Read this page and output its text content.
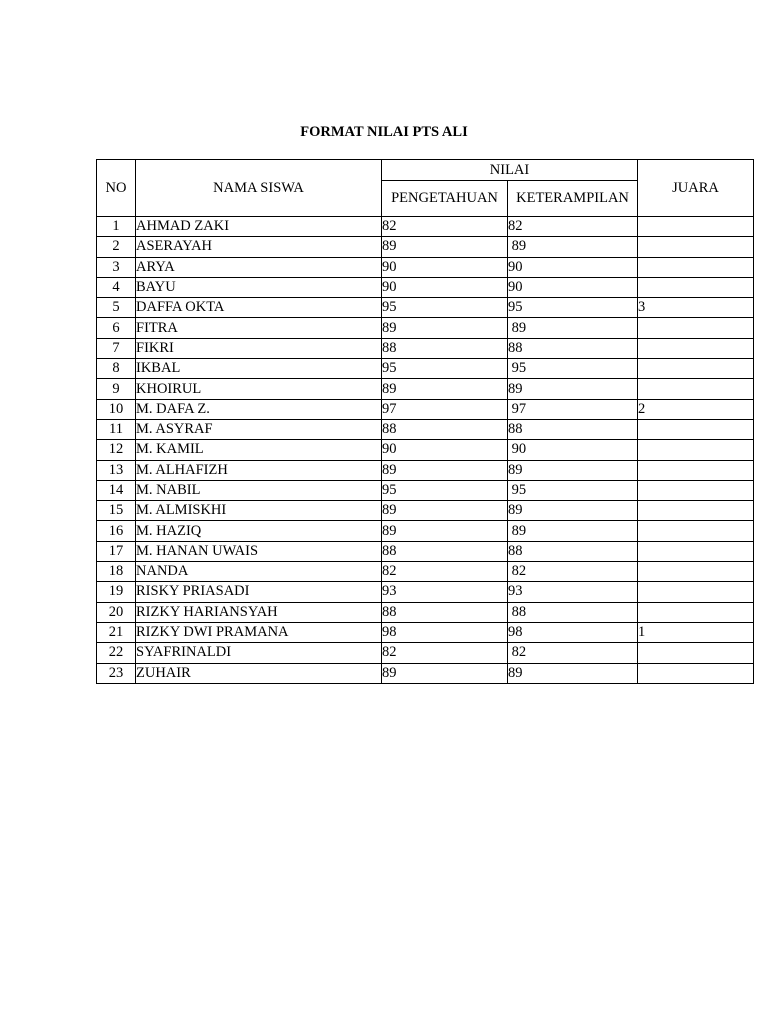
FORMAT NILAI PTS ALI
NO	NAMA SISWA	NILAI		JUARA
		PENGETAHUAN	KETERAMPILAN	
1	AHMAD ZAKI	82	82	
2	ASERAYAH	89	89	
3	ARYA	90	90	
4	BAYU	90	90	
5	DAFFA OKTA	95	95	3
6	FITRA	89	89	
7	FIKRI	88	88	
8	IKBAL	95	95	
9	KHOIRUL	89	89	
10	M. DAFA Z.	97	97	2
11	M. ASYRAF	88	88	
12	M. KAMIL	90	90	
13	M. ALHAFIZH	89	89	
14	M. NABIL	95	95	
15	M. ALMISKHI	89	89	
16	M. HAZIQ	89	89	
17	M. HANAN UWAIS	88	88	
18	NANDA	82	82	
19	RISKY PRIASADI	93	93	
20	RIZKY HARIANSYAH	88	88	
21	RIZKY DWI PRAMANA	98	98	1
22	SYAFRINALDI	82	82	
23	ZUHAIR	89	89	
